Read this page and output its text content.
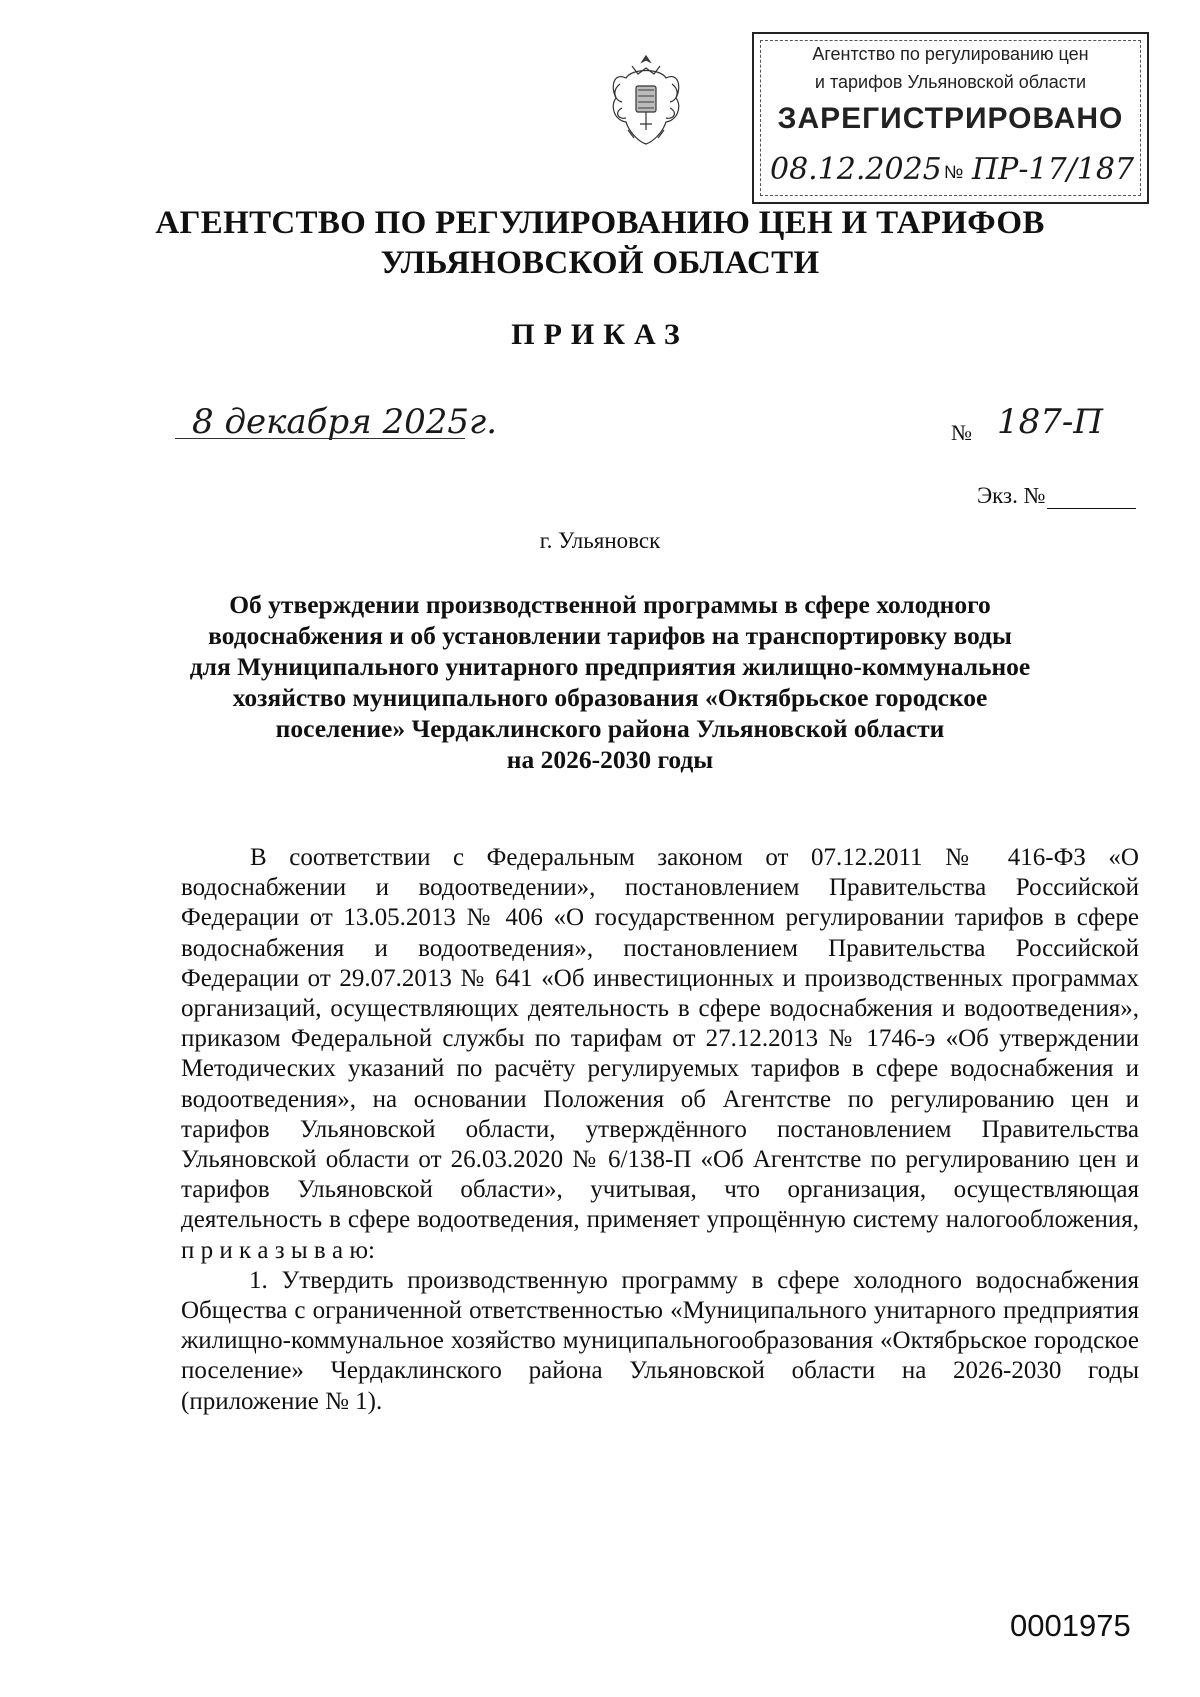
Агентство по регулированию цен
и тарифов Ульяновской области
ЗАРЕГИСТРИРОВАНО
08.12.2025 № ПР-17/187
АГЕНТСТВО ПО РЕГУЛИРОВАНИЮ ЦЕН И ТАРИФОВ
УЛЬЯНОВСКОЙ ОБЛАСТИ
ПРИКАЗ
8 декабря 2025г.	№ 187-П
Экз. №
г. Ульяновск
Об утверждении производственной программы в сфере холодного
водоснабжения и об установлении тарифов на транспортировку воды
для Муниципального унитарного предприятия жилищно-коммунальное
хозяйство муниципального образования «Октябрьское городское
поселение» Чердаклинского района Ульяновской области
на 2026-2030 годы

В соответствии с Федеральным законом от 07.12.2011 № 416-ФЗ «О водоснабжении и водоотведении», постановлением Правительства Российской Федерации от 13.05.2013 № 406 «О государственном регулировании тарифов в сфере водоснабжения и водоотведения», постановлением Правительства Российской Федерации от 29.07.2013 № 641 «Об инвестиционных и производственных программах организаций, осуществляющих деятельность в сфере водоснабжения и водоотведения», приказом Федеральной службы по тарифам от 27.12.2013 № 1746-э «Об утверждении Методических указаний по расчёту регулируемых тарифов в сфере водоснабжения и водоотведения», на основании Положения об Агентстве по регулированию цен и тарифов Ульяновской области, утверждённого постановлением Правительства Ульяновской области от 26.03.2020 № 6/138-П «Об Агентстве по регулированию цен и тарифов Ульяновской области», учитывая, что организация, осуществляющая деятельность в сфере водоотведения, применяет упрощённую систему налогообложения, п р и к а з ы в а ю:

1. Утвердить производственную программу в сфере холодного водоснабжения Общества с ограниченной ответственностью «Муниципального унитарного предприятия жилищно-коммунальное хозяйство муниципальногообразования «Октябрьское городское поселение» Чердаклинского района Ульяновской области на 2026-2030 годы (приложение № 1).

0001975
